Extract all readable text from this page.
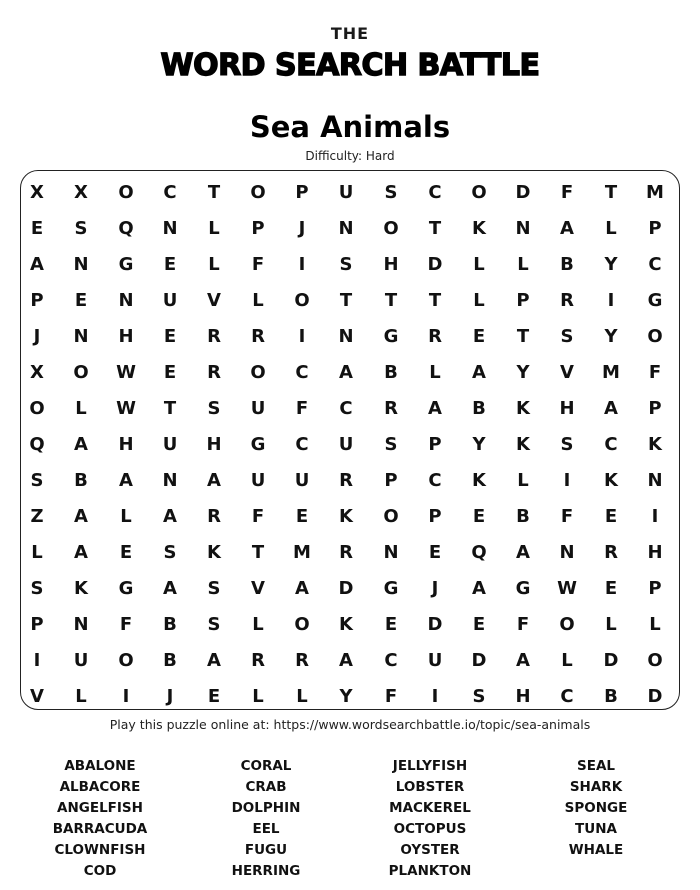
THE
WORD SEARCH BATTLE
Sea Animals
Difficulty: Hard
X	X	O	C	T	O	P	U	S	C	O	D	F	T	M
E	S	Q	N	L	P	J	N	O	T	K	N	A	L	P
A	N	G	E	L	F	I	S	H	D	L	L	B	Y	C
P	E	N	U	V	L	O	T	T	T	L	P	R	I	G
J	N	H	E	R	R	I	N	G	R	E	T	S	Y	O
X	O	W	E	R	O	C	A	B	L	A	Y	V	M	F
O	L	W	T	S	U	F	C	R	A	B	K	H	A	P
Q	A	H	U	H	G	C	U	S	P	Y	K	S	C	K
S	B	A	N	A	U	U	R	P	C	K	L	I	K	N
Z	A	L	A	R	F	E	K	O	P	E	B	F	E	I
L	A	E	S	K	T	M	R	N	E	Q	A	N	R	H
S	K	G	A	S	V	A	D	G	J	A	G	W	E	P
P	N	F	B	S	L	O	K	E	D	E	F	O	L	L
I	U	O	B	A	R	R	A	C	U	D	A	L	D	O
V	L	I	J	E	L	L	Y	F	I	S	H	C	B	D
Play this puzzle online at: https://www.wordsearchbattle.io/topic/sea-animals
ABALONE
ALBACORE
ANGELFISH
BARRACUDA
CLOWNFISH
COD
CORAL
CRAB
DOLPHIN
EEL
FUGU
HERRING
JELLYFISH
LOBSTER
MACKEREL
OCTOPUS
OYSTER
PLANKTON
SEAL
SHARK
SPONGE
TUNA
WHALE
